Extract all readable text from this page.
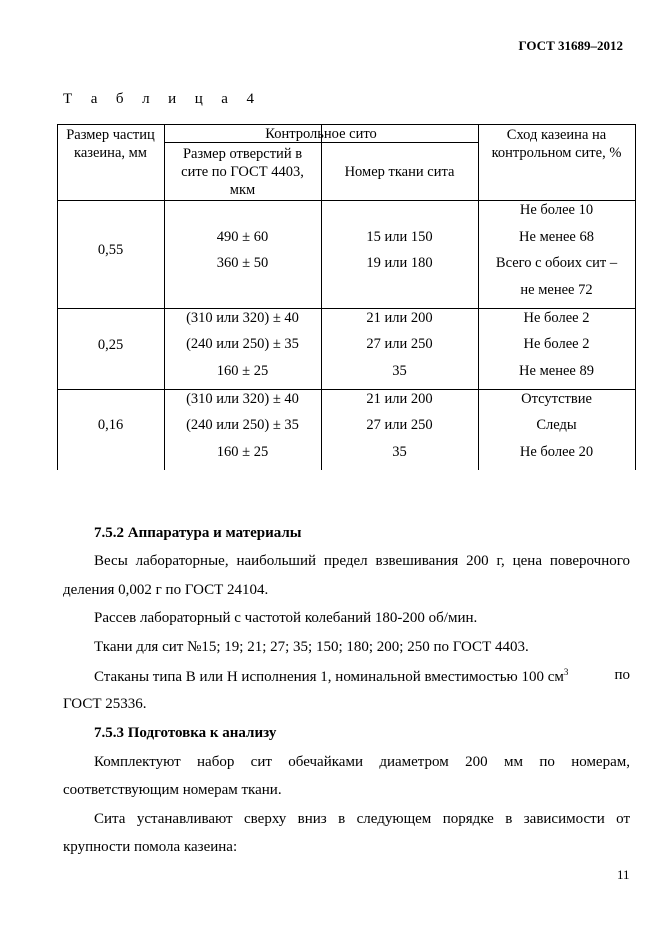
ГОСТ 31689–2012
Т а б л и ц а 4
Размер частиц
казеина, мм
Контрольное сито
Размер отверстий в
сите по ГОСТ 4403,
мкм
Номер ткани сита
Сход казеина на
контрольном сите, %
0,55
490 ± 60
360 ± 50
15 или 150
19 или 180
Не более 10
Не менее 68
Всего с обоих сит –
не менее 72
0,25
(310 или 320) ± 40
(240 или 250) ± 35
160 ± 25
21 или 200
27 или 250
35
Не более 2
Не более 2
Не менее 89
0,16
(310 или 320) ± 40
(240 или 250) ± 35
160 ± 25
21 или 200
27 или 250
35
Отсутствие
Следы
Не более 20
7.5.2 Аппаратура и материалы
Весы лабораторные, наибольший предел взвешивания 200 г, цена поверочного
деления 0,002 г по ГОСТ 24104.
Рассев лабораторный с частотой колебаний 180-200 об/мин.
Ткани для сит №15; 19; 21; 27; 35; 150; 180; 200; 250 по ГОСТ 4403.
Стаканы типа В или Н исполнения 1, номинальной вместимостью 100 $см^3$	по
ГОСТ 25336.
7.5.3 Подготовка к анализу
Комплектуют набор сит обечайками диаметром 200 мм по номерам,
соответствующим номерам ткани.
Сита устанавливают сверху вниз в следующем порядке в зависимости от
крупности помола казеина:
11
